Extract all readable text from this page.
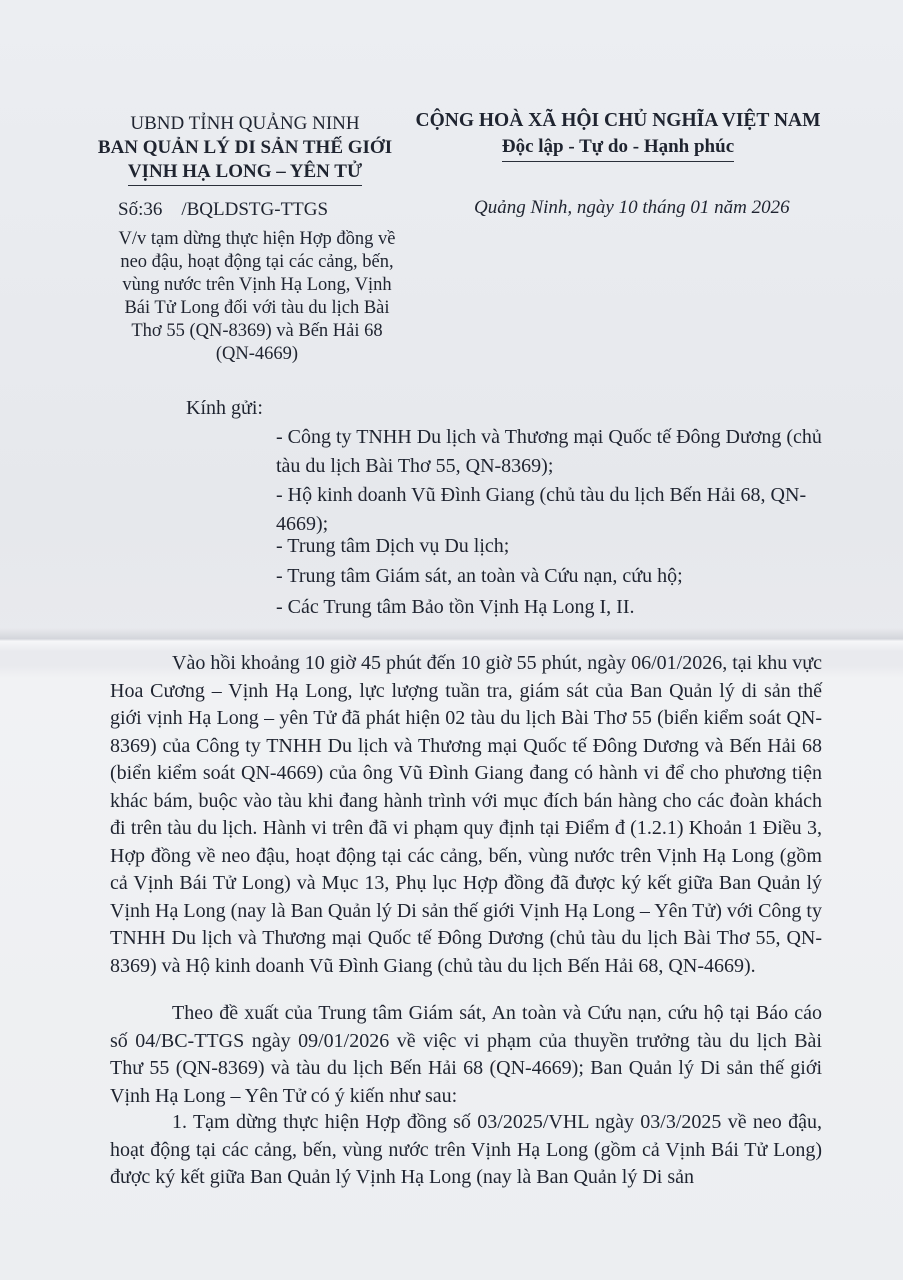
UBND TỈNH QUẢNG NINH
BAN QUẢN LÝ DI SẢN THẾ GIỚI
VỊNH HẠ LONG – YÊN TỬ
CỘNG HOÀ XÃ HỘI CHỦ NGHĨA VIỆT NAM
Độc lập - Tự do - Hạnh phúc
Số:36 /BQLDSTG-TTGS	Quảng Ninh, ngày 10 tháng 01 năm 2026
V/v tạm dừng thực hiện Hợp đồng về
neo đậu, hoạt động tại các cảng, bến,
vùng nước trên Vịnh Hạ Long, Vịnh
Bái Tử Long đối với tàu du lịch Bài
Thơ 55 (QN-8369) và Bến Hải 68
(QN-4669)
Kính gửi:
- Công ty TNHH Du lịch và Thương mại Quốc tế Đông Dương (chủ tàu du lịch Bài Thơ 55, QN-8369);
- Hộ kinh doanh Vũ Đình Giang (chủ tàu du lịch Bến Hải 68, QN-4669);
- Trung tâm Dịch vụ Du lịch;
- Trung tâm Giám sát, an toàn và Cứu nạn, cứu hộ;
- Các Trung tâm Bảo tồn Vịnh Hạ Long I, II.

Vào hồi khoảng 10 giờ 45 phút đến 10 giờ 55 phút, ngày 06/01/2026, tại khu vực Hoa Cương – Vịnh Hạ Long, lực lượng tuần tra, giám sát của Ban Quản lý di sản thế giới vịnh Hạ Long – yên Tử đã phát hiện 02 tàu du lịch Bài Thơ 55 (biển kiểm soát QN-8369) của Công ty TNHH Du lịch và Thương mại Quốc tế Đông Dương và Bến Hải 68 (biển kiểm soát QN-4669) của ông Vũ Đình Giang đang có hành vi để cho phương tiện khác bám, buộc vào tàu khi đang hành trình với mục đích bán hàng cho các đoàn khách đi trên tàu du lịch. Hành vi trên đã vi phạm quy định tại Điểm đ (1.2.1) Khoản 1 Điều 3, Hợp đồng về neo đậu, hoạt động tại các cảng, bến, vùng nước trên Vịnh Hạ Long (gồm cả Vịnh Bái Tử Long) và Mục 13, Phụ lục Hợp đồng đã được ký kết giữa Ban Quản lý Vịnh Hạ Long (nay là Ban Quản lý Di sản thế giới Vịnh Hạ Long – Yên Tử) với Công ty TNHH Du lịch và Thương mại Quốc tế Đông Dương (chủ tàu du lịch Bài Thơ 55, QN-8369) và Hộ kinh doanh Vũ Đình Giang (chủ tàu du lịch Bến Hải 68, QN-4669).

Theo đề xuất của Trung tâm Giám sát, An toàn và Cứu nạn, cứu hộ tại Báo cáo số 04/BC-TTGS ngày 09/01/2026 về việc vi phạm của thuyền trưởng tàu du lịch Bài Thư 55 (QN-8369) và tàu du lịch Bến Hải 68 (QN-4669); Ban Quản lý Di sản thế giới Vịnh Hạ Long – Yên Tử có ý kiến như sau:

1. Tạm dừng thực hiện Hợp đồng số 03/2025/VHL ngày 03/3/2025 về neo đậu, hoạt động tại các cảng, bến, vùng nước trên Vịnh Hạ Long (gồm cả Vịnh Bái Tử Long) được ký kết giữa Ban Quản lý Vịnh Hạ Long (nay là Ban Quản lý Di sản
